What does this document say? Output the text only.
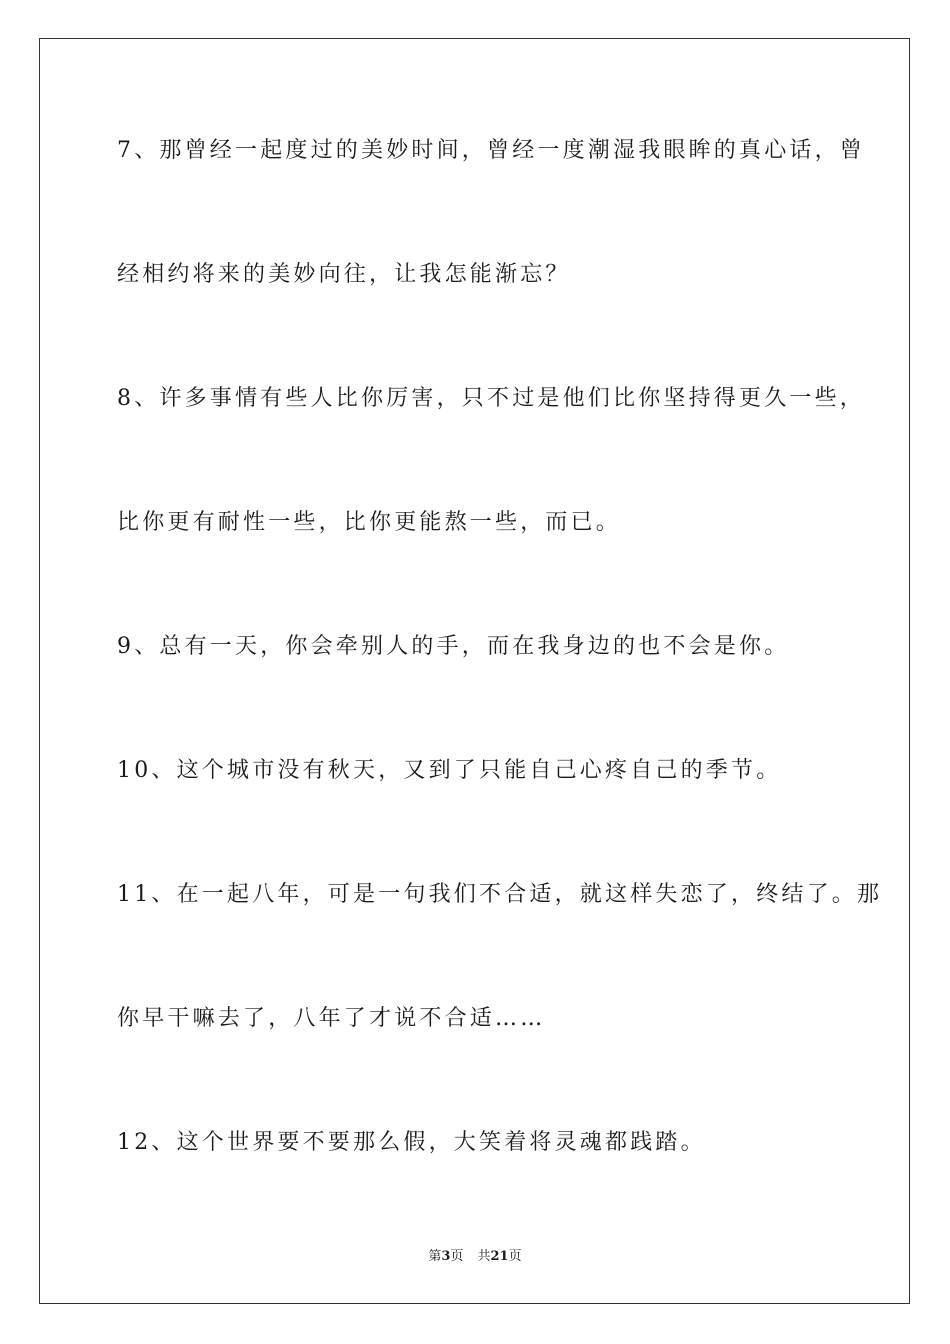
7、那曾经一起度过的美妙时间，曾经一度潮湿我眼眸的真心话，曾
经相约将来的美妙向往，让我怎能渐忘？
8、许多事情有些人比你厉害，只不过是他们比你坚持得更久一些，
比你更有耐性一些，比你更能熬一些，而已。
9、总有一天，你会牵别人的手，而在我身边的也不会是你。
10、这个城市没有秋天，又到了只能自己心疼自己的季节。
11、在一起八年，可是一句我们不合适，就这样失恋了，终结了。那
你早干嘛去了，八年了才说不合适……
12、这个世界要不要那么假，大笑着将灵魂都践踏。
第3页 共21页
